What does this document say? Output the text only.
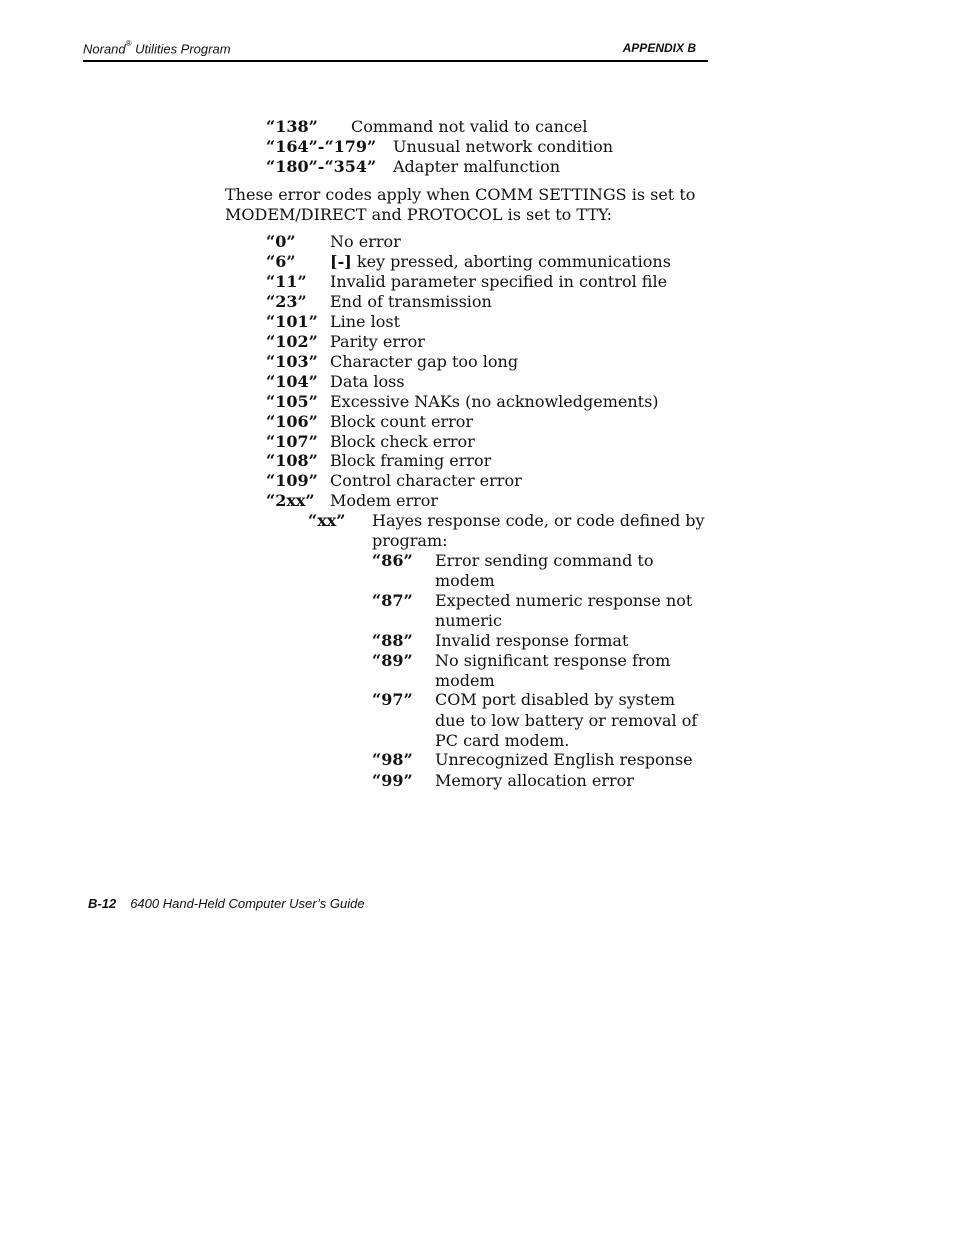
Norand® Utilities Program	APPENDIX B
“138” Command not valid to cancel
“164”-“179” Unusual network condition
“180”-“354” Adapter malfunction
These error codes apply when COMM SETTINGS is set to
MODEM/DIRECT and PROTOCOL is set to TTY:
“0” No error
“6” [-] key pressed, aborting communications
“11” Invalid parameter specified in control file
“23” End of transmission
“101” Line lost
“102” Parity error
“103” Character gap too long
“104” Data loss
“105” Excessive NAKs (no acknowledgements)
“106” Block count error
“107” Block check error
“108” Block framing error
“109” Control character error
“2xx” Modem error
“xx” Hayes response code, or code defined by
program:
“86” Error sending command to
modem
“87” Expected numeric response not
numeric
“88” Invalid response format
“89” No significant response from
modem
“97” COM port disabled by system
due to low battery or removal of
PC card modem.
“98” Unrecognized English response
“99” Memory allocation error
B-12 6400 Hand-Held Computer User’s Guide
